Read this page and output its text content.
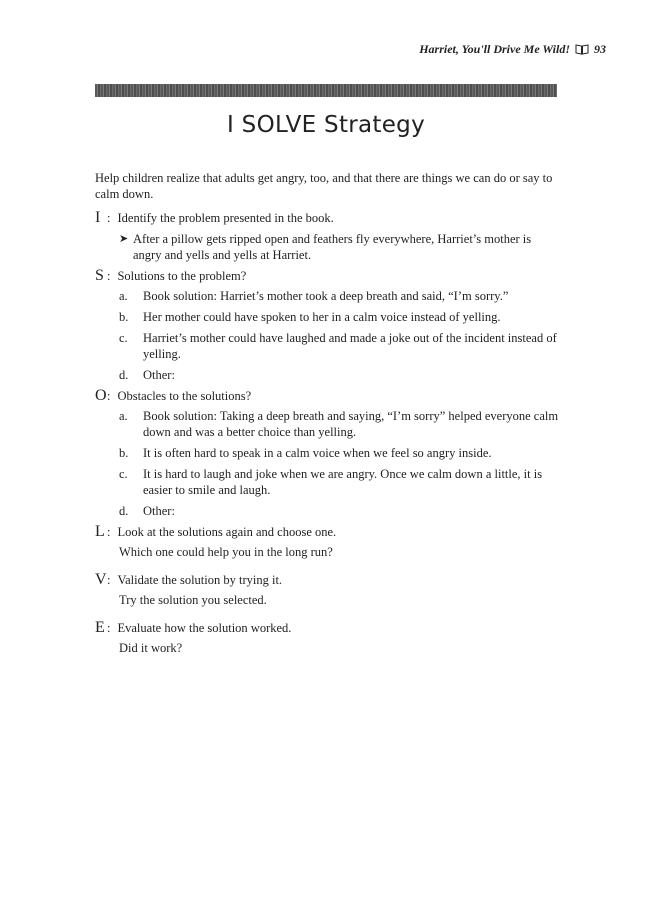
Harriet, You'll Drive Me Wild! 93
I SOLVE Strategy

Help children realize that adults get angry, too, and that there are things we can do or say to calm down.

I : Identify the problem presented in the book.
➤ After a pillow gets ripped open and feathers fly everywhere, Harriet’s mother is angry and yells and yells at Harriet.
S : Solutions to the problem?
a.	Book solution: Harriet’s mother took a deep breath and said, “I’m sorry.”
b.	Her mother could have spoken to her in a calm voice instead of yelling.
c.	Harriet’s mother could have laughed and made a joke out of the incident instead of yelling.
d.	Other:
O : Obstacles to the solutions?
a.	Book solution: Taking a deep breath and saying, “I’m sorry” helped everyone calm down and was a better choice than yelling.
b.	It is often hard to speak in a calm voice when we feel so angry inside.
c.	It is hard to laugh and joke when we are angry. Once we calm down a little, it is easier to smile and laugh.
d.	Other:
L : Look at the solutions again and choose one.
Which one could help you in the long run?
V : Validate the solution by trying it.
Try the solution you selected.
E : Evaluate how the solution worked.
Did it work?
